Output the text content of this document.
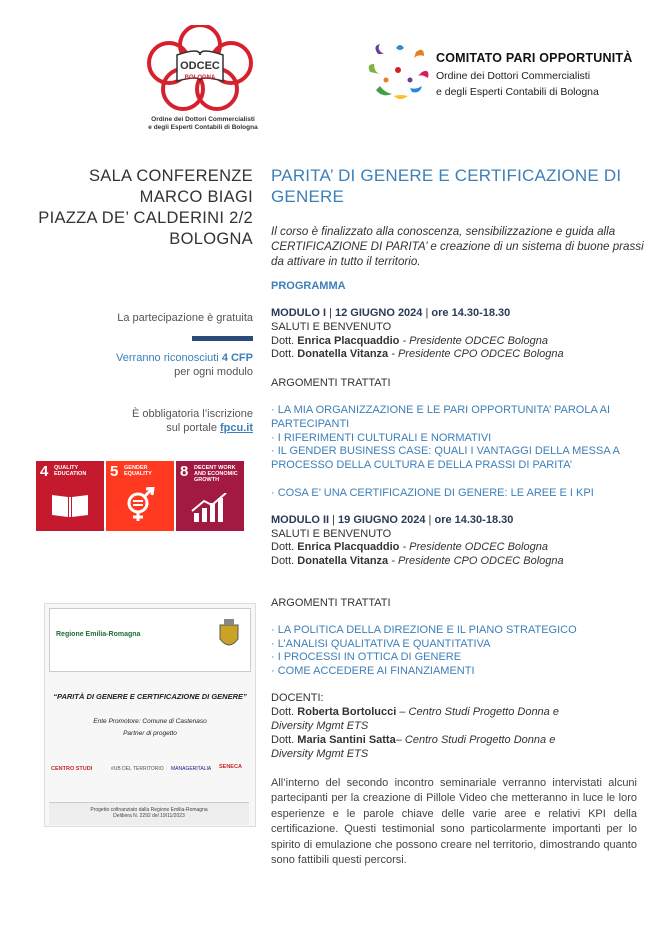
ODCEC
BOLOGNA
Ordine dei Dottori Commercialisti
e degli Esperti Contabili di Bologna
COMITATO PARI OPPORTUNITÀ
Ordine dei Dottori Commercialisti
e degli Esperti Contabili di Bologna
SALA CONFERENZE
MARCO BIAGI
PIAZZA DE’ CALDERINI 2/2
BOLOGNA
La partecipazione è gratuita
Verranno riconosciuti 4 CFP
per ogni modulo
È obbligatoria l’iscrizione
sul portale fpcu.it
4 QUALITY EDUCATION	5 GENDER EQUALITY	8 DECENT WORK AND ECONOMIC GROWTH
Regione Emilia-Romagna
“PARITÀ DI GENERE E CERTIFICAZIONE DI GENERE”
Ente Promotore: Comune di Castenaso
Partner di progetto
CENTRO STUDI	#UB DEL TERRITORIO MANAGERITALIA SENECA
Progetto cofinanziato dalla Regione Emilia-Romagna
Delibera N. 2292 del 19/11/2023
PARITA’ DI GENERE E CERTIFICAZIONE DI GENERE
Il corso è finalizzato alla conoscenza, sensibilizzazione e guida alla CERTIFICAZIONE DI PARITA’ e creazione di un sistema di buone prassi da attivare in tutto il territorio.
PROGRAMMA
MODULO I | 12 GIUGNO 2024 | ore 14.30-18.30
SALUTI E BENVENUTO
Dott. Enrica Placquaddio - Presidente ODCEC Bologna
Dott. Donatella Vitanza - Presidente CPO ODCEC Bologna
ARGOMENTI TRATTATI
· LA MIA ORGANIZZAZIONE E LE PARI OPPORTUNITA’ PAROLA AI PARTECIPANTI
· I RIFERIMENTI CULTURALI E NORMATIVI
· IL GENDER BUSINESS CASE: QUALI I VANTAGGI DELLA MESSA A PROCESSO DELLA CULTURA E DELLA PRASSI DI PARITA’
· COSA E’ UNA CERTIFICAZIONE DI GENERE: LE AREE E I KPI
MODULO II | 19 GIUGNO 2024 | ore 14.30-18.30
SALUTI E BENVENUTO
Dott. Enrica Placquaddio - Presidente ODCEC Bologna
Dott. Donatella Vitanza - Presidente CPO ODCEC Bologna
ARGOMENTI TRATTATI
· LA POLITICA DELLA DIREZIONE E IL PIANO STRATEGICO
· L’ANALISI QUALITATIVA E QUANTITATIVA
· I PROCESSI IN OTTICA DI GENERE
· COME ACCEDERE AI FINANZIAMENTI
DOCENTI:
Dott. Roberta Bortolucci – Centro Studi Progetto Donna e
Diversity Mgmt ETS
Dott. Maria Santini Satta– Centro Studi Progetto Donna e
Diversity Mgmt ETS
All’interno del secondo incontro seminariale verranno intervistati alcuni partecipanti per la creazione di Pillole Video che metteranno in luce le loro esperienze e le parole chiave delle varie aree e relativi KPI della certificazione. Questi testimonial sono particolarmente importanti per lo spirito di emulazione che possono creare nel territorio, dimostrando quanto sono fattibili questi percorsi.
